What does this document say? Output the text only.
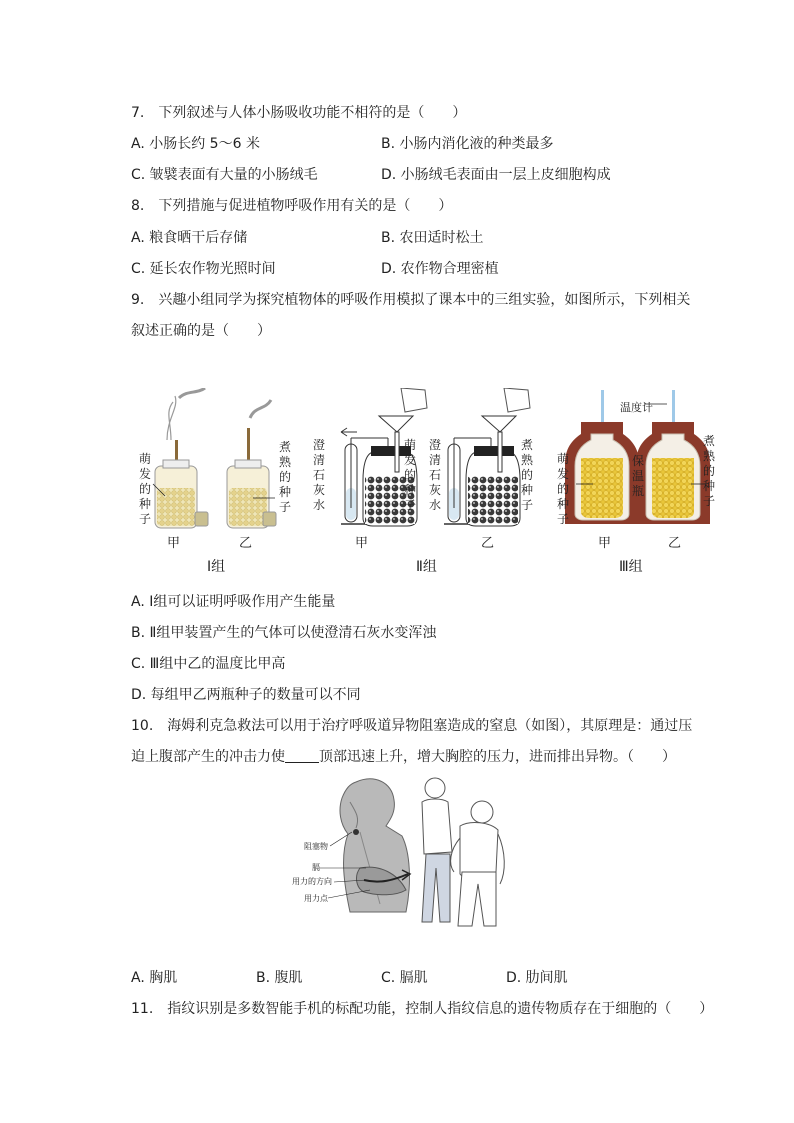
7.　下列叙述与人体小肠吸收功能不相符的是（　　）
A. 小肠长约 5～6 米	B. 小肠内消化液的种类最多
C. 皱襞表面有大量的小肠绒毛	D. 小肠绒毛表面由一层上皮细胞构成
8.　下列措施与促进植物呼吸作用有关的是（　　）
A. 粮食晒干后存储	B. 农田适时松土
C. 延长农作物光照时间	D. 农作物合理密植
9.　兴趣小组同学为探究植物体的呼吸作用模拟了课本中的三组实验，如图所示，下列相关
叙述正确的是（　　）
萌发的种子
煮熟的种子
甲	乙
Ⅰ组
澄清石灰水
萌发的种子
澄清石灰水
煮熟的种子
甲	乙
Ⅱ组
温度计
保温瓶
萌发的种子
煮熟的种子
甲	乙
Ⅲ组
A. Ⅰ组可以证明呼吸作用产生能量
B. Ⅱ组甲装置产生的气体可以使澄清石灰水变浑浊
C. Ⅲ组中乙的温度比甲高
D. 每组甲乙两瓶种子的数量可以不同
10.　海姆利克急救法可以用于治疗呼吸道异物阻塞造成的窒息（如图），其原理是：通过压
迫上腹部产生的冲击力使 顶部迅速上升，增大胸腔的压力，进而排出异物。（　　）
阻塞物
膈
用力的方向
用力点
A. 胸肌	B. 腹肌	C. 膈肌	D. 肋间肌
11.　指纹识别是多数智能手机的标配功能，控制人指纹信息的遗传物质存在于细胞的（　　）
